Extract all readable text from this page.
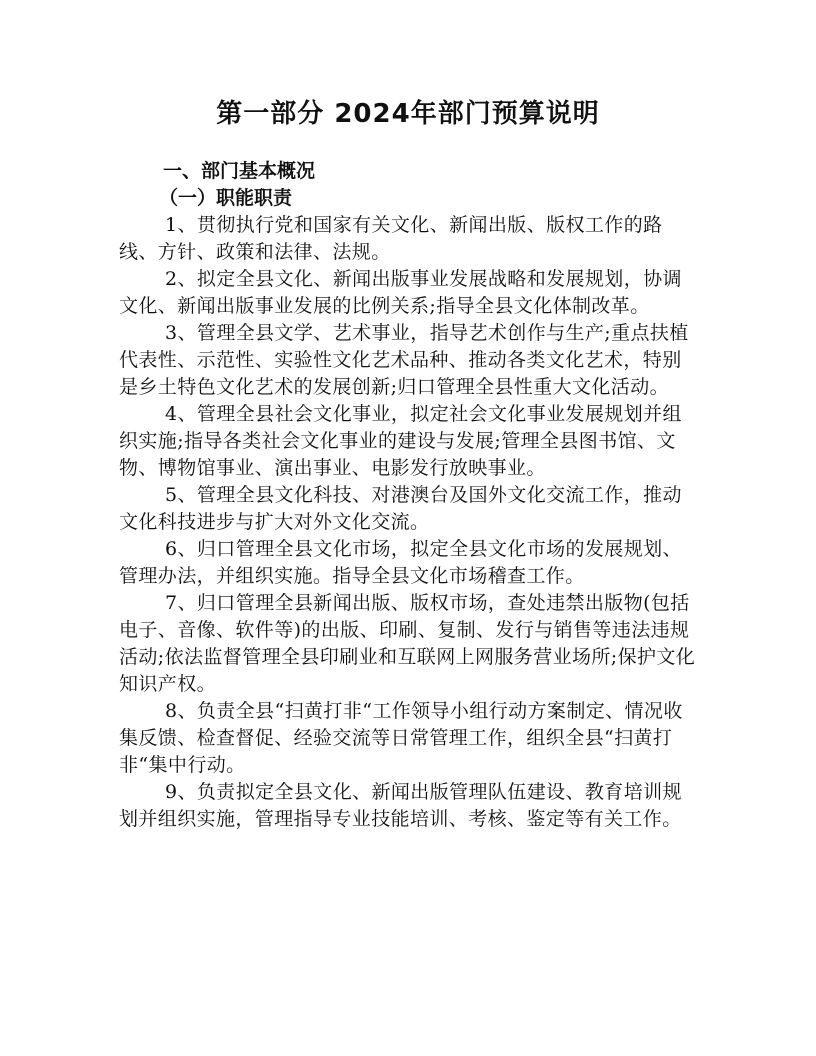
第一部分 2024年部门预算说明

一、部门基本概况

（一）职能职责

1、贯彻执行党和国家有关文化、新闻出版、版权工作的路线、方针、政策和法律、法规。

2、拟定全县文化、新闻出版事业发展战略和发展规划，协调文化、新闻出版事业发展的比例关系;指导全县文化体制改革。

3、管理全县文学、艺术事业，指导艺术创作与生产;重点扶植代表性、示范性、实验性文化艺术品种、推动各类文化艺术，特别是乡土特色文化艺术的发展创新;归口管理全县性重大文化活动。

4、管理全县社会文化事业，拟定社会文化事业发展规划并组织实施;指导各类社会文化事业的建设与发展;管理全县图书馆、文物、博物馆事业、演出事业、电影发行放映事业。

5、管理全县文化科技、对港澳台及国外文化交流工作，推动文化科技进步与扩大对外文化交流。

6、归口管理全县文化市场，拟定全县文化市场的发展规划、管理办法，并组织实施。指导全县文化市场稽查工作。

7、归口管理全县新闻出版、版权市场，查处违禁出版物(包括电子、音像、软件等)的出版、印刷、复制、发行与销售等违法违规活动;依法监督管理全县印刷业和互联网上网服务营业场所;保护文化知识产权。

8、负责全县“扫黄打非“工作领导小组行动方案制定、情况收集反馈、检查督促、经验交流等日常管理工作，组织全县“扫黄打非“集中行动。

9、负责拟定全县文化、新闻出版管理队伍建设、教育培训规划并组织实施，管理指导专业技能培训、考核、鉴定等有关工作。
